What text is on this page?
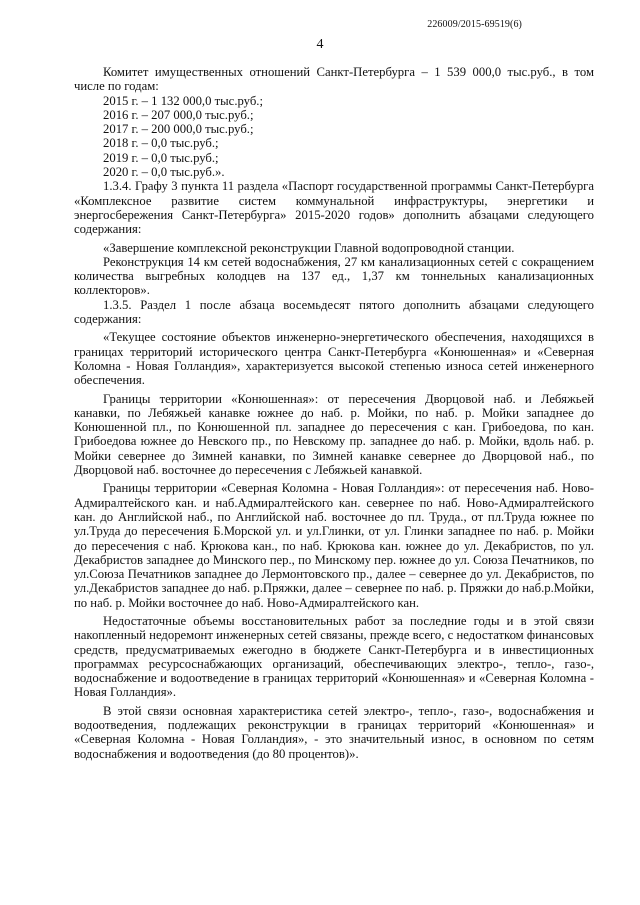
226009/2015-69519(6)
4

Комитет имущественных отношений Санкт-Петербурга – 1 539 000,0 тыс.руб., в том числе по годам:

2015 г. – 1 132 000,0 тыс.руб.;

2016 г. – 207 000,0 тыс.руб.;

2017 г. – 200 000,0 тыс.руб.;

2018 г. – 0,0 тыс.руб.;

2019 г. – 0,0 тыс.руб.;

2020 г. – 0,0 тыс.руб.».

1.3.4. Графу 3 пункта 11 раздела «Паспорт государственной программы Санкт-Петербурга «Комплексное развитие систем коммунальной инфраструктуры, энергетики и энергосбережения Санкт-Петербурга» 2015-2020 годов» дополнить абзацами следующего содержания:

«Завершение комплексной реконструкции Главной водопроводной станции.

Реконструкция 14 км сетей водоснабжения, 27 км канализационных сетей с сокращением количества выгребных колодцев на 137 ед., 1,37 км тоннельных канализационных коллекторов».

1.3.5. Раздел 1 после абзаца восемьдесят пятого дополнить абзацами следующего содержания:

«Текущее состояние объектов инженерно-энергетического обеспечения, находящихся в границах территорий исторического центра Санкт-Петербурга «Конюшенная» и «Северная Коломна - Новая Голландия», характеризуется высокой степенью износа сетей инженерного обеспечения.

Границы территории «Конюшенная»: от пересечения Дворцовой наб. и Лебяжьей канавки, по Лебяжьей канавке южнее до наб. р. Мойки, по наб. р. Мойки западнее до Конюшенной пл., по Конюшенной пл. западнее до пересечения с кан. Грибоедова, по кан. Грибоедова южнее до Невского пр., по Невскому пр. западнее до наб. р. Мойки, вдоль наб. р. Мойки севернее до Зимней канавки, по Зимней канавке севернее до Дворцовой наб., по Дворцовой наб. восточнее до пересечения с Лебяжьей канавкой.

Границы территории «Северная Коломна - Новая Голландия»: от пересечения наб. Ново-Адмиралтейского кан. и наб.Адмиралтейского кан. севернее по наб. Ново-Адмиралтейского кан. до Английской наб., по Английской наб. восточнее до пл. Труда., от пл.Труда южнее по ул.Труда до пересечения Б.Морской ул. и ул.Глинки, от ул. Глинки западнее по наб. р. Мойки до пересечения с наб. Крюкова кан., по наб. Крюкова кан. южнее до ул. Декабристов, по ул. Декабристов западнее до Минского пер., по Минскому пер. южнее до ул. Союза Печатников, по ул.Союза Печатников западнее до Лермонтовского пр., далее – севернее до ул. Декабристов, по ул.Декабристов западнее до наб. р.Пряжки, далее – севернее по наб. р. Пряжки до наб.р.Мойки, по наб. р. Мойки восточнее до наб. Ново-Адмиралтейского кан.

Недостаточные объемы восстановительных работ за последние годы и в этой связи накопленный недоремонт инженерных сетей связаны, прежде всего, с недостатком финансовых средств, предусматриваемых ежегодно в бюджете Санкт-Петербурга и в инвестиционных программах ресурсоснабжающих организаций, обеспечивающих электро-, тепло-, газо-, водоснабжение и водоотведение в границах территорий «Конюшенная» и «Северная Коломна - Новая Голландия».

В этой связи основная характеристика сетей электро-, тепло-, газо-, водоснабжения и водоотведения, подлежащих реконструкции в границах территорий «Конюшенная» и «Северная Коломна - Новая Голландия», - это значительный износ, в основном по сетям водоснабжения и водоотведения (до 80 процентов)».
